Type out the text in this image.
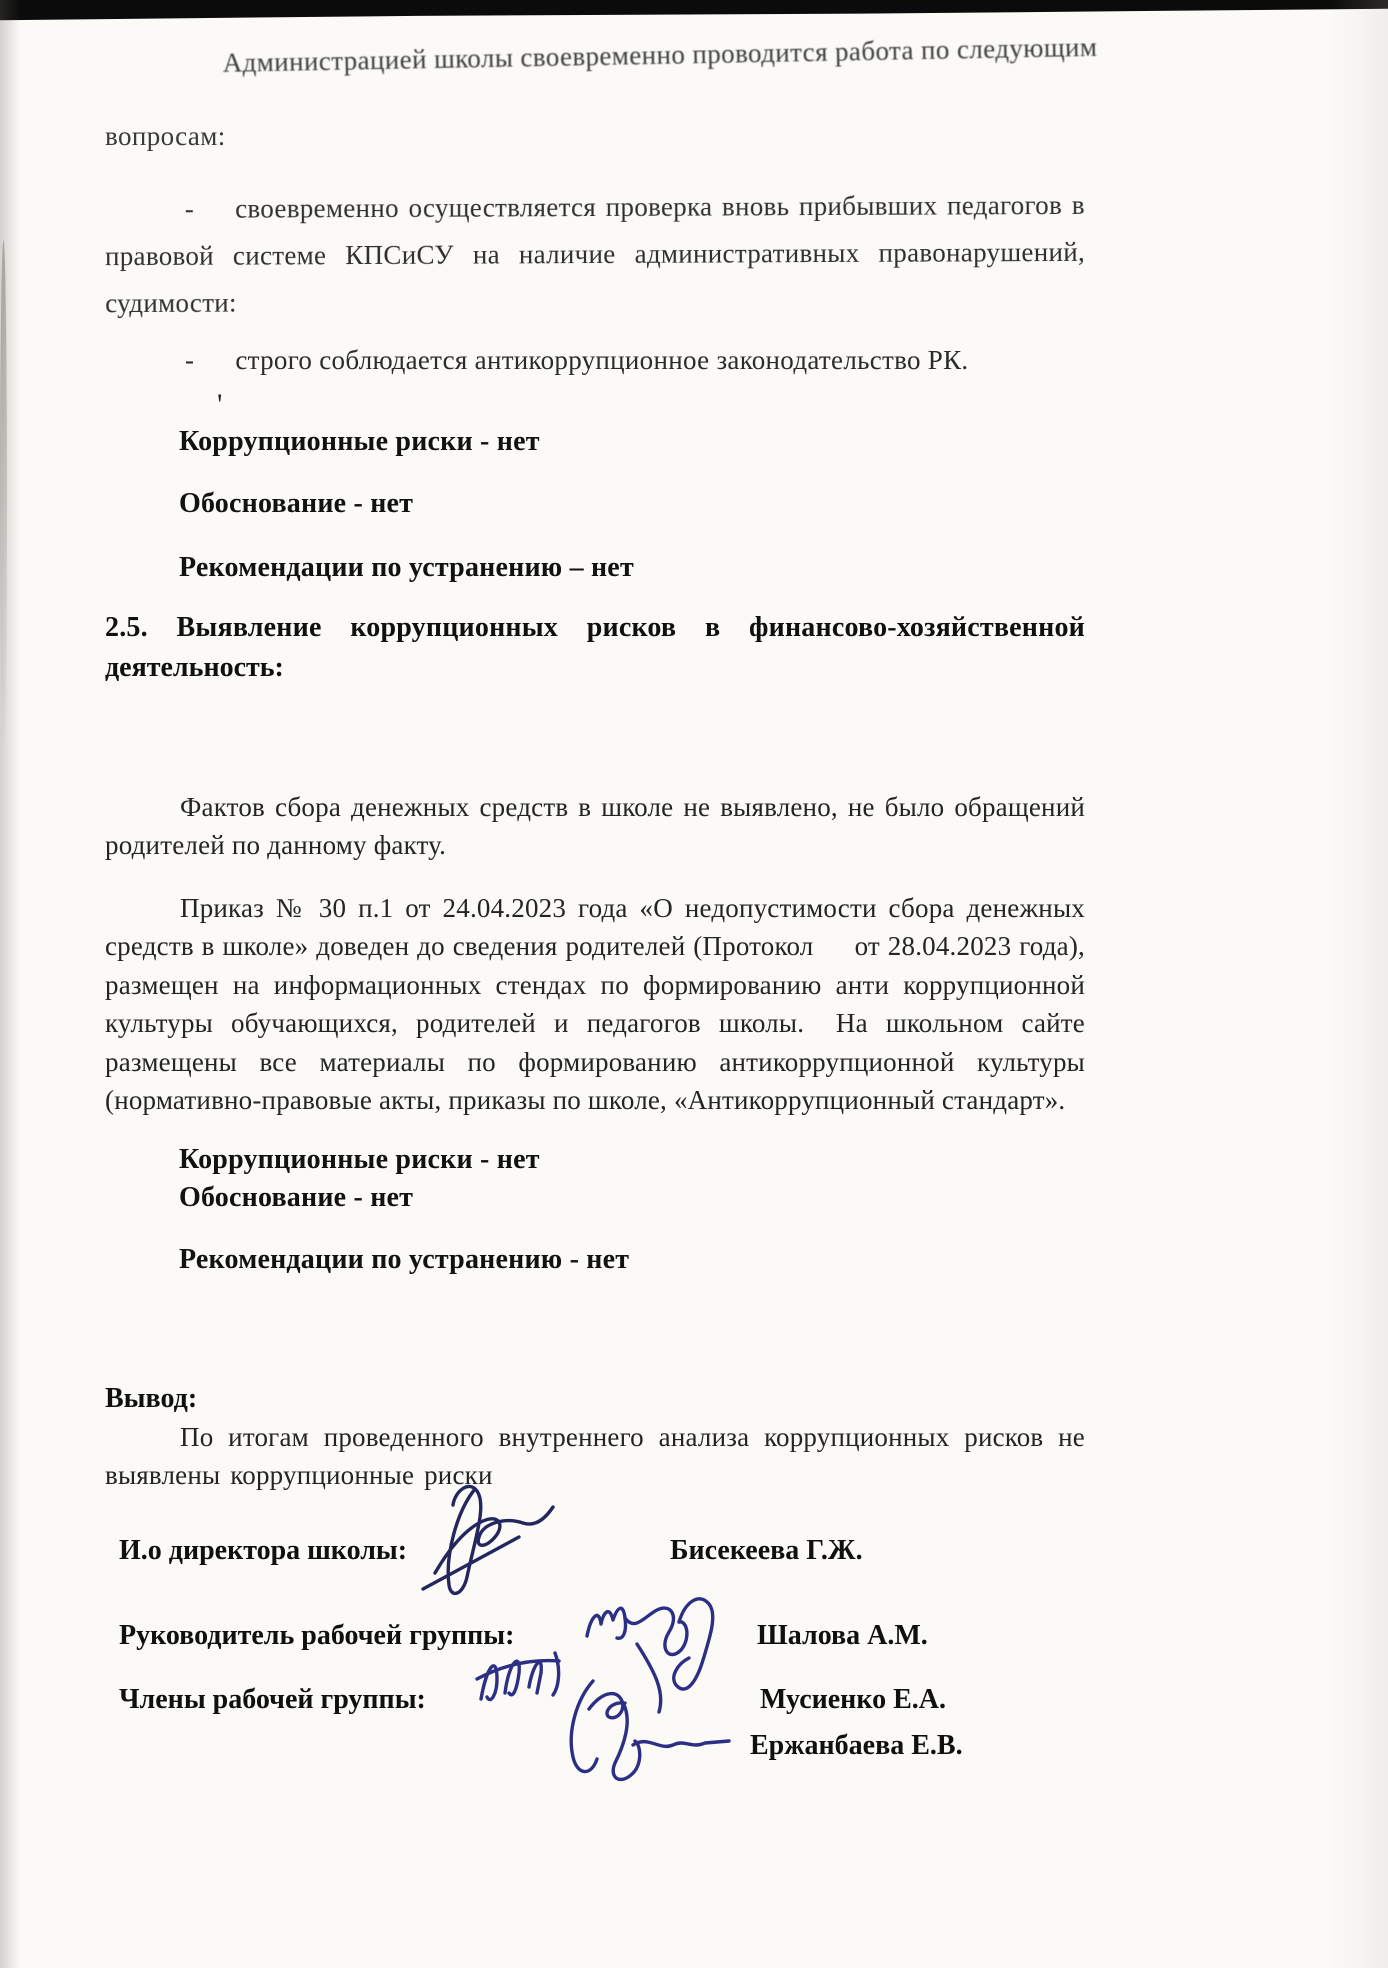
Администрацией школы своевременно проводится работа по следующим

вопросам:

-  своевременно осуществляется проверка вновь прибывших педагогов в правовой системе КПСиСУ на наличие административных правонарушений, судимости:

-  строго соблюдается антикоррупционное законодательство РК.

'

Коррупционные риски - нет

Обоснование - нет

Рекомендации по устранению – нет

2.5. Выявление коррупционных рисков в финансово-хозяйственной

деятельность:

Фактов сбора денежных средств в школе не выявлено, не было обращений родителей по данному факту.

Приказ № 30 п.1 от 24.04.2023 года «О недопустимости сбора денежных средств в школе» доведен до сведения родителей (Протокол   от 28.04.2023 года), размещен на информационных стендах по формированию анти коррупционной культуры обучающихся, родителей и педагогов школы.  На школьном сайте размещены все материалы по формированию антикоррупционной культуры (нормативно-правовые акты, приказы по школе, «Антикоррупционный стандарт».

Коррупционные риски - нет

Обоснование - нет

Рекомендации по устранению - нет

Вывод:

По итогам проведенного внутреннего анализа коррупционных рисков не выявлены коррупционные риски

И.о директора школы:	Бисекеева Г.Ж.
Руководитель рабочей группы:	Шалова А.М.
Члены рабочей группы:	Мусиенко Е.А.
Ержанбаева Е.В.
